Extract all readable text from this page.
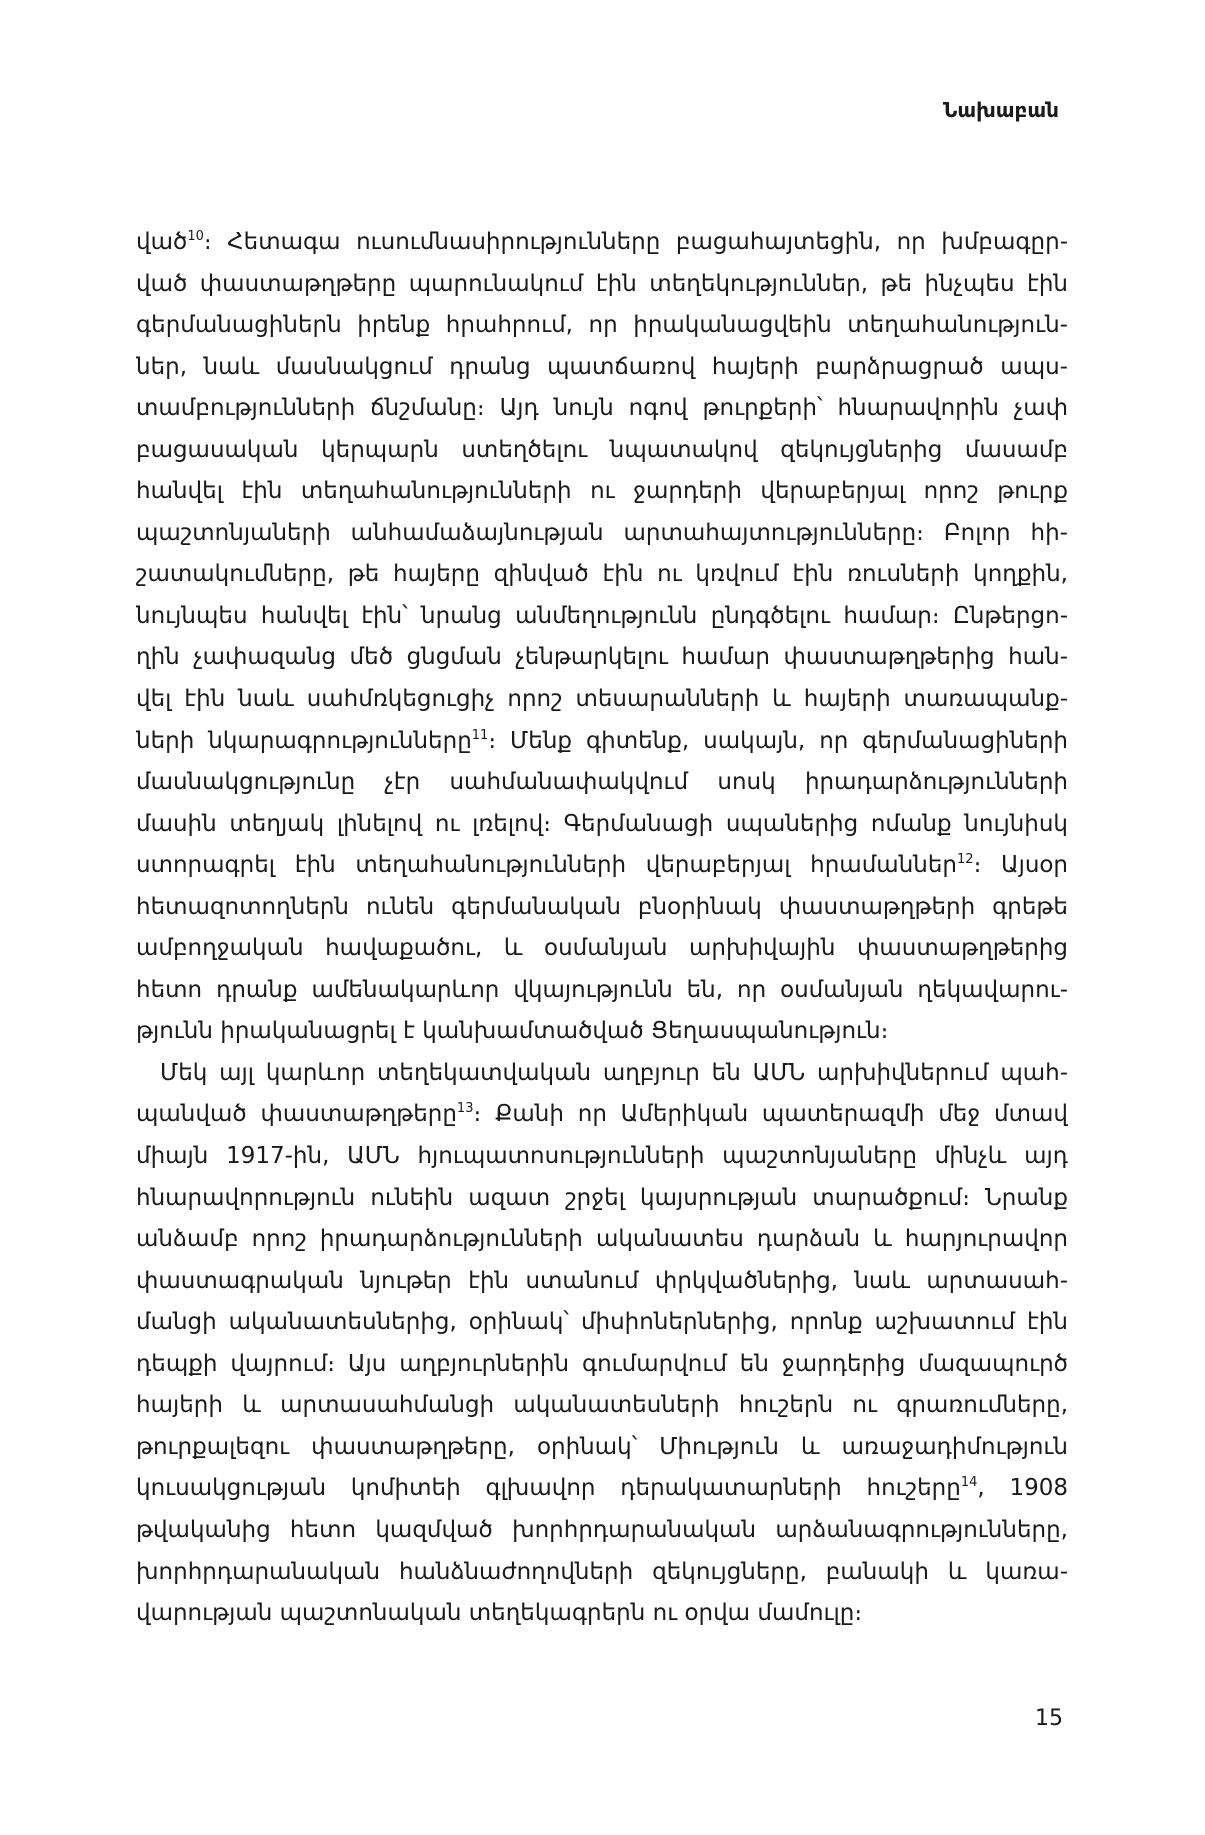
Նախաբան
ված$^{10}$։ Հետագա ուսումնասիրությունները բացահայտեցին, որ խմբագըր-
ված փաստաթղթերը պարունակում էին տեղեկություններ, թե ինչպես էին
գերմանացիներն իրենք հրահրում, որ իրականացվեին տեղահանություն-
ներ, նաև մասնակցում դրանց պատճառով հայերի բարձրացրած ապս-
տամբությունների ճնշմանը։ Այդ նույն ոգով թուրքերի՝ հնարավորին չափ
բացասական կերպարն ստեղծելու նպատակով զեկույցներից մասամբ
հանվել էին տեղահանությունների ու ջարդերի վերաբերյալ որոշ թուրք
պաշտոնյաների անհամաձայնության արտահայտությունները։ Բոլոր հի-
շատակումները, թե հայերը զինված էին ու կռվում էին ռուսների կողքին,
նույնպես հանվել էին՝ նրանց անմեղությունն ընդգծելու համար։ Ընթերցո-
ղին չափազանց մեծ ցնցման չենթարկելու համար փաստաթղթերից հան-
վել էին նաև սահմռկեցուցիչ որոշ տեսարանների և հայերի տառապանք-
ների նկարագրությունները$^{11}$։ Մենք գիտենք, սակայն, որ գերմանացիների
մասնակցությունը չէր սահմանափակվում սոսկ իրադարձությունների
մասին տեղյակ լինելով ու լռելով։ Գերմանացի սպաներից ոմանք նույնիսկ
ստորագրել էին տեղահանությունների վերաբերյալ հրամաններ$^{12}$։ Այսօր
հետազոտողներն ունեն գերմանական բնօրինակ փաստաթղթերի գրեթե
ամբողջական հավաքածու, և օսմանյան արխիվային փաստաթղթերից
հետո դրանք ամենակարևոր վկայությունն են, որ օսմանյան ղեկավարու-
թյունն իրականացրել է կանխամտածված Ցեղասպանություն։
Մեկ այլ կարևոր տեղեկատվական աղբյուր են ԱՄՆ արխիվներում պահ-
պանված փաստաթղթերը$^{13}$։ Քանի որ Ամերիկան պատերազմի մեջ մտավ
միայն 1917-ին, ԱՄՆ հյուպատոսությունների պաշտոնյաները մինչև այդ
հնարավորություն ունեին ազատ շրջել կայսրության տարածքում։ Նրանք
անձամբ որոշ իրադարձությունների ականատես դարձան և հարյուրավոր
փաստագրական նյութեր էին ստանում փրկվածներից, նաև արտասահ-
մանցի ականատեսներից, օրինակ՝ միսիոներներից, որոնք աշխատում էին
դեպքի վայրում։ Այս աղբյուրներին գումարվում են ջարդերից մազապուրծ
հայերի և արտասահմանցի ականատեսների հուշերն ու գրառումները,
թուրքալեզու փաստաթղթերը, օրինակ՝ Միություն և առաջադիմություն
կուսակցության կոմիտեի գլխավոր դերակատարների հուշերը$^{14}$, 1908
թվականից հետո կազմված խորհրդարանական արձանագրությունները,
խորհրդարանական հանձնաժողովների զեկույցները, բանակի և կառա-
վարության պաշտոնական տեղեկագրերն ու օրվա մամուլը։
15
